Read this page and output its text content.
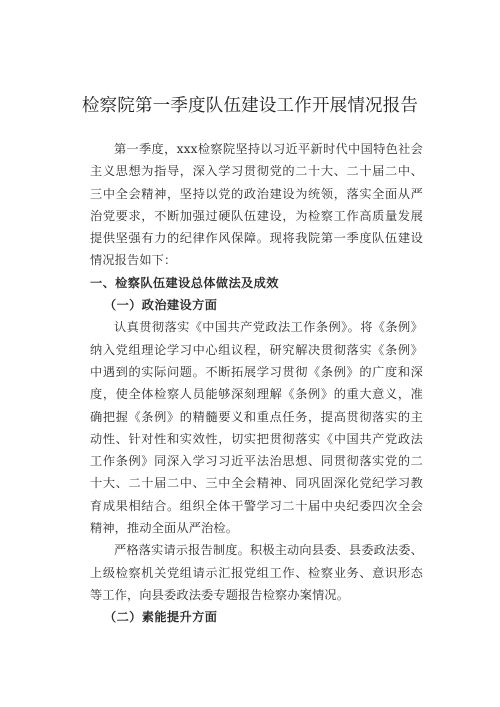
检察院第一季度队伍建设工作开展情况报告

第一季度，xxx检察院坚持以习近平新时代中国特色社会主义思想为指导，深入学习贯彻党的二十大、二十届二中、三中全会精神，坚持以党的政治建设为统领，落实全面从严治党要求，不断加强过硬队伍建设，为检察工作高质量发展提供坚强有力的纪律作风保障。现将我院第一季度队伍建设情况报告如下：

一、检察队伍建设总体做法及成效

（一）政治建设方面

认真贯彻落实《中国共产党政法工作条例》。将《条例》纳入党组理论学习中心组议程，研究解决贯彻落实《条例》中遇到的实际问题。不断拓展学习贯彻《条例》的广度和深度，使全体检察人员能够深刻理解《条例》的重大意义，准确把握《条例》的精髓要义和重点任务，提高贯彻落实的主动性、针对性和实效性，切实把贯彻落实《中国共产党政法工作条例》同深入学习习近平法治思想、同贯彻落实党的二十大、二十届二中、三中全会精神、同巩固深化党纪学习教育成果相结合。组织全体干警学习二十届中央纪委四次全会精神，推动全面从严治检。

严格落实请示报告制度。积极主动向县委、县委政法委、上级检察机关党组请示汇报党组工作、检察业务、意识形态等工作，向县委政法委专题报告检察办案情况。

（二）素能提升方面
